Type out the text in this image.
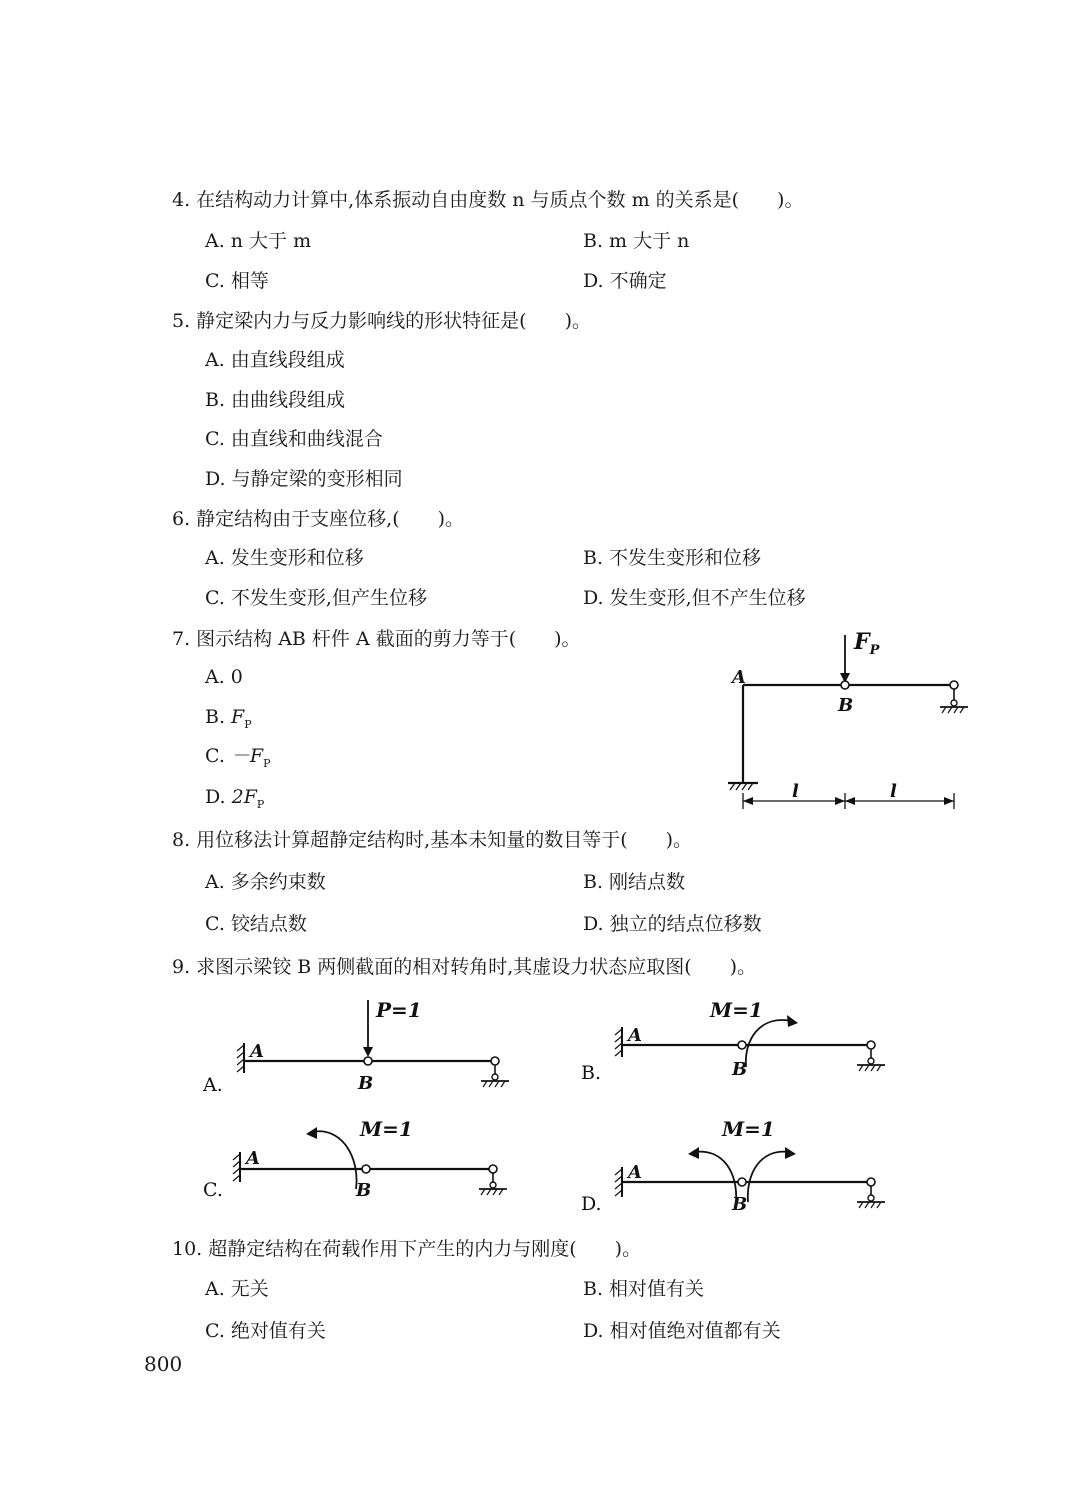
4. 在结构动力计算中,体系振动自由度数 n 与质点个数 m 的关系是(　　)。
A. n 大于 m	B. m 大于 n
C. 相等	D. 不确定
5. 静定梁内力与反力影响线的形状特征是(　　)。
A. 由直线段组成
B. 由曲线段组成
C. 由直线和曲线混合
D. 与静定梁的变形相同
6. 静定结构由于支座位移,(　　)。
A. 发生变形和位移	B. 不发生变形和位移
C. 不发生变形,但产生位移	D. 发生变形,但不产生位移
7. 图示结构 AB 杆件 A 截面的剪力等于(　　)。
A. 0
B. $F_P$
C. $-F_P$
D. $2F_P$
$F_P$
A
B
l	l
8. 用位移法计算超静定结构时,基本未知量的数目等于(　　)。
A. 多余约束数	B. 刚结点数
C. 铰结点数	D. 独立的结点位移数
9. 求图示梁铰 B 两侧截面的相对转角时,其虚设力状态应取图(　　)。
A.
P=1
A
B	B.
M=1
A
B
C.
M=1
A
B
D.
M=1
A
B
10. 超静定结构在荷载作用下产生的内力与刚度(　　)。
A. 无关	B. 相对值有关
C. 绝对值有关	D. 相对值绝对值都有关
800
